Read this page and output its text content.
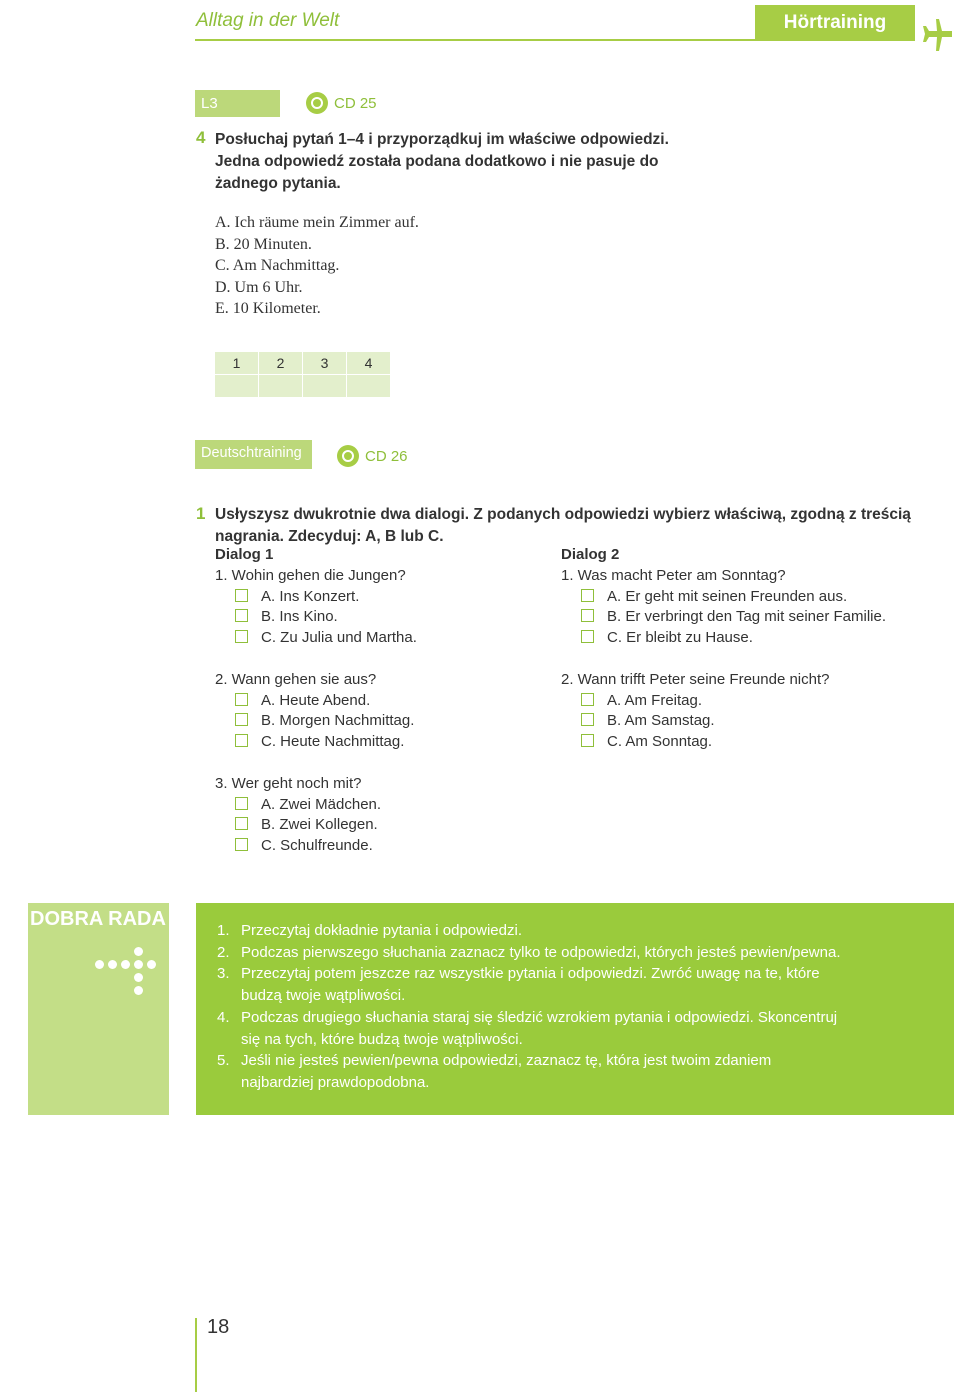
Alltag in der Welt	Hörtraining
L3	CD 25
4 Posłuchaj pytań 1–4 i przyporządkuj im właściwe odpowiedzi.
Jedna odpowiedź została podana dodatkowo i nie pasuje do
żadnego pytania.
A. Ich räume mein Zimmer auf.
B. 20 Minuten.
C. Am Nachmittag.
D. Um 6 Uhr.
E. 10 Kilometer.
1	2	3	4
Deutschtraining	CD 26
1 Usłyszysz dwukrotnie dwa dialogi. Z podanych odpowiedzi wybierz właściwą, zgodną z treścią
nagrania. Zdecyduj: A, B lub C.
Dialog 1
1. Wohin gehen die Jungen?
A. Ins Konzert.
B. Ins Kino.
C. Zu Julia und Martha.
2. Wann gehen sie aus?
A. Heute Abend.
B. Morgen Nachmittag.
C. Heute Nachmittag.
3. Wer geht noch mit?
A. Zwei Mädchen.
B. Zwei Kollegen.
C. Schulfreunde.
Dialog 2
1. Was macht Peter am Sonntag?
A. Er geht mit seinen Freunden aus.
B. Er verbringt den Tag mit seiner Familie.
C. Er bleibt zu Hause.
2. Wann trifft Peter seine Freunde nicht?
A. Am Freitag.
B. Am Samstag.
C. Am Sonntag.
DOBRA RADA
1. Przeczytaj dokładnie pytania i odpowiedzi.
2. Podczas pierwszego słuchania zaznacz tylko te odpowiedzi, których jesteś pewien/pewna.
3. Przeczytaj potem jeszcze raz wszystkie pytania i odpowiedzi. Zwróć uwagę na te, które
budzą twoje wątpliwości.
4. Podczas drugiego słuchania staraj się śledzić wzrokiem pytania i odpowiedzi. Skoncentruj
się na tych, które budzą twoje wątpliwości.
5. Jeśli nie jesteś pewien/pewna odpowiedzi, zaznacz tę, która jest twoim zdaniem
najbardziej prawdopodobna.
18
